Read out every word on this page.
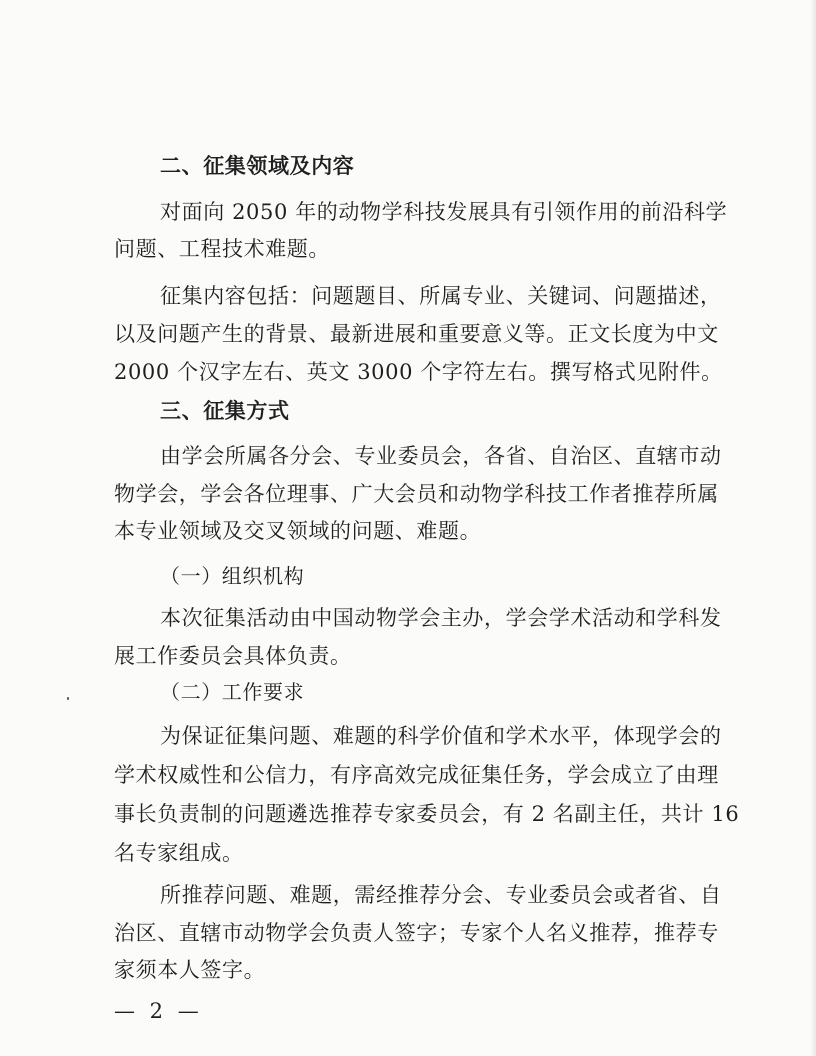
二、征集领域及内容
对面向 2050 年的动物学科技发展具有引领作用的前沿科学
问题、工程技术难题。
征集内容包括：问题题目、所属专业、关键词、问题描述，
以及问题产生的背景、最新进展和重要意义等。正文长度为中文
2000 个汉字左右、英文 3000 个字符左右。撰写格式见附件。
三、征集方式
由学会所属各分会、专业委员会，各省、自治区、直辖市动
物学会，学会各位理事、广大会员和动物学科技工作者推荐所属
本专业领域及交叉领域的问题、难题。
（一）组织机构
本次征集活动由中国动物学会主办，学会学术活动和学科发
展工作委员会具体负责。
（二）工作要求
为保证征集问题、难题的科学价值和学术水平，体现学会的
学术权威性和公信力，有序高效完成征集任务，学会成立了由理
事长负责制的问题遴选推荐专家委员会，有 2 名副主任，共计 16
名专家组成。
所推荐问题、难题，需经推荐分会、专业委员会或者省、自
治区、直辖市动物学会负责人签字；专家个人名义推荐，推荐专
家须本人签字。
— 2 —
